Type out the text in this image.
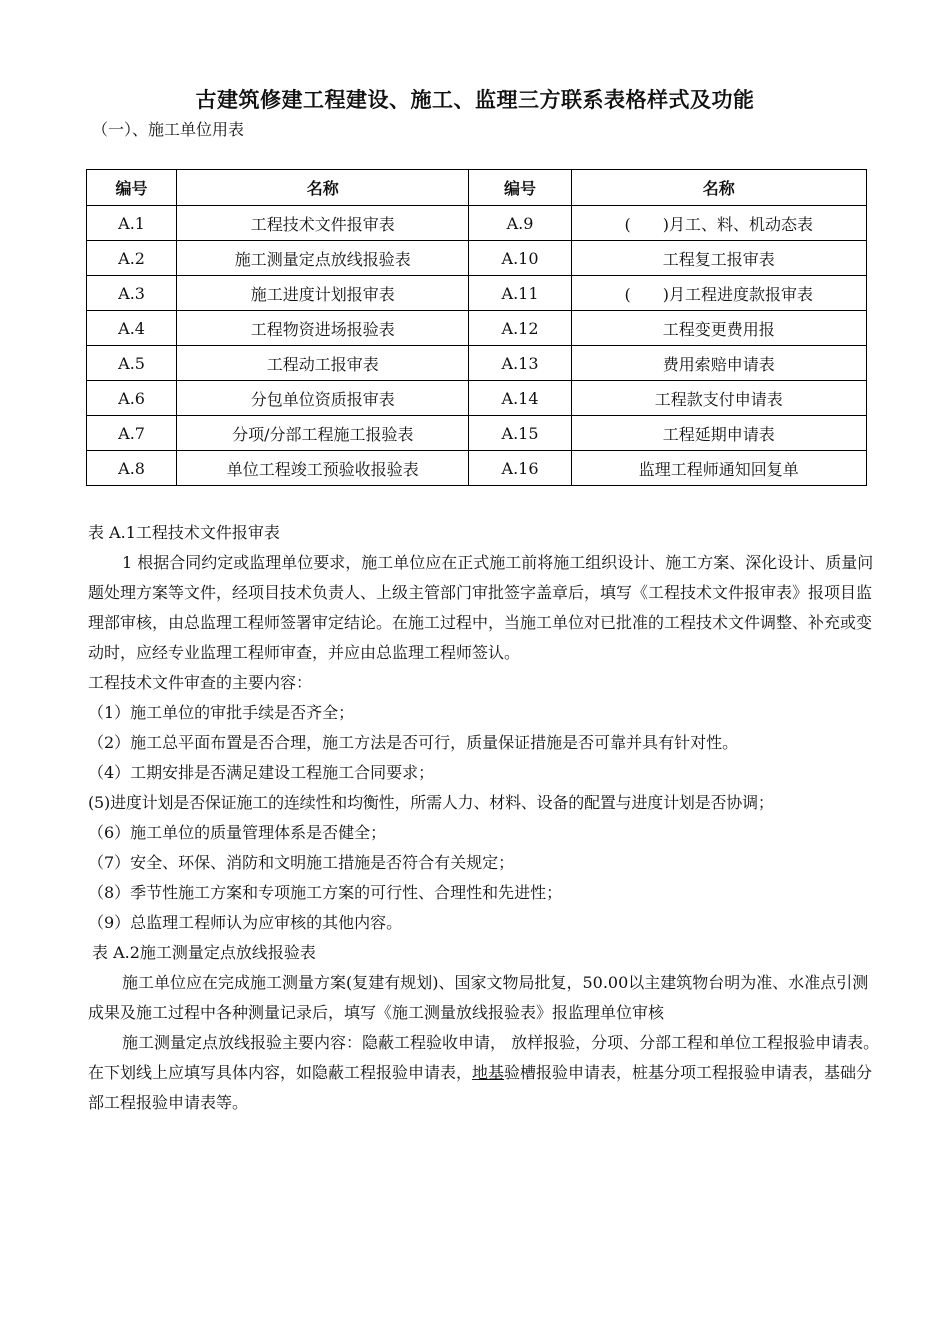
古建筑修建工程建设、施工、监理三方联系表格样式及功能
（一）、施工单位用表
编号	名称	编号	名称
A.1	工程技术文件报审表	A.9	(　　)月工、料、机动态表
A.2	施工测量定点放线报验表	A.10	工程复工报审表
A.3	施工进度计划报审表	A.11	(　　)月工程进度款报审表
A.4	工程物资进场报验表	A.12	工程变更费用报
A.5	工程动工报审表	A.13	费用索赔申请表
A.6	分包单位资质报审表	A.14	工程款支付申请表
A.7	分项/分部工程施工报验表	A.15	工程延期申请表
A.8	单位工程竣工预验收报验表	A.16	监理工程师通知回复单

表 A.1工程技术文件报审表

1 根据合同约定或监理单位要求，施工单位应在正式施工前将施工组织设计、施工方案、深化设计、质量问题处理方案等文件，经项目技术负责人、上级主管部门审批签字盖章后，填写《工程技术文件报审表》报项目监理部审核，由总监理工程师签署审定结论。在施工过程中，当施工单位对已批准的工程技术文件调整、补充或变动时，应经专业监理工程师审查，并应由总监理工程师签认。

工程技术文件审查的主要内容：

（1）施工单位的审批手续是否齐全；

（2）施工总平面布置是否合理，施工方法是否可行，质量保证措施是否可靠并具有针对性。

（4）工期安排是否满足建设工程施工合同要求；

(5)进度计划是否保证施工的连续性和均衡性，所需人力、材料、设备的配置与进度计划是否协调；

（6）施工单位的质量管理体系是否健全；

（7）安全、环保、消防和文明施工措施是否符合有关规定；

（8）季节性施工方案和专项施工方案的可行性、合理性和先进性；

（9）总监理工程师认为应审核的其他内容。

表 A.2施工测量定点放线报验表

施工单位应在完成施工测量方案(复建有规划)、国家文物局批复，50.00以主建筑物台明为准、水准点引测成果及施工过程中各种测量记录后，填写《施工测量放线报验表》报监理单位审核

施工测量定点放线报验主要内容：隐蔽工程验收申请， 放样报验，分项、分部工程和单位工程报验申请表。在下划线上应填写具体内容，如隐蔽工程报验申请表，地基验槽报验申请表，桩基分项工程报验申请表，基础分部工程报验申请表等。
